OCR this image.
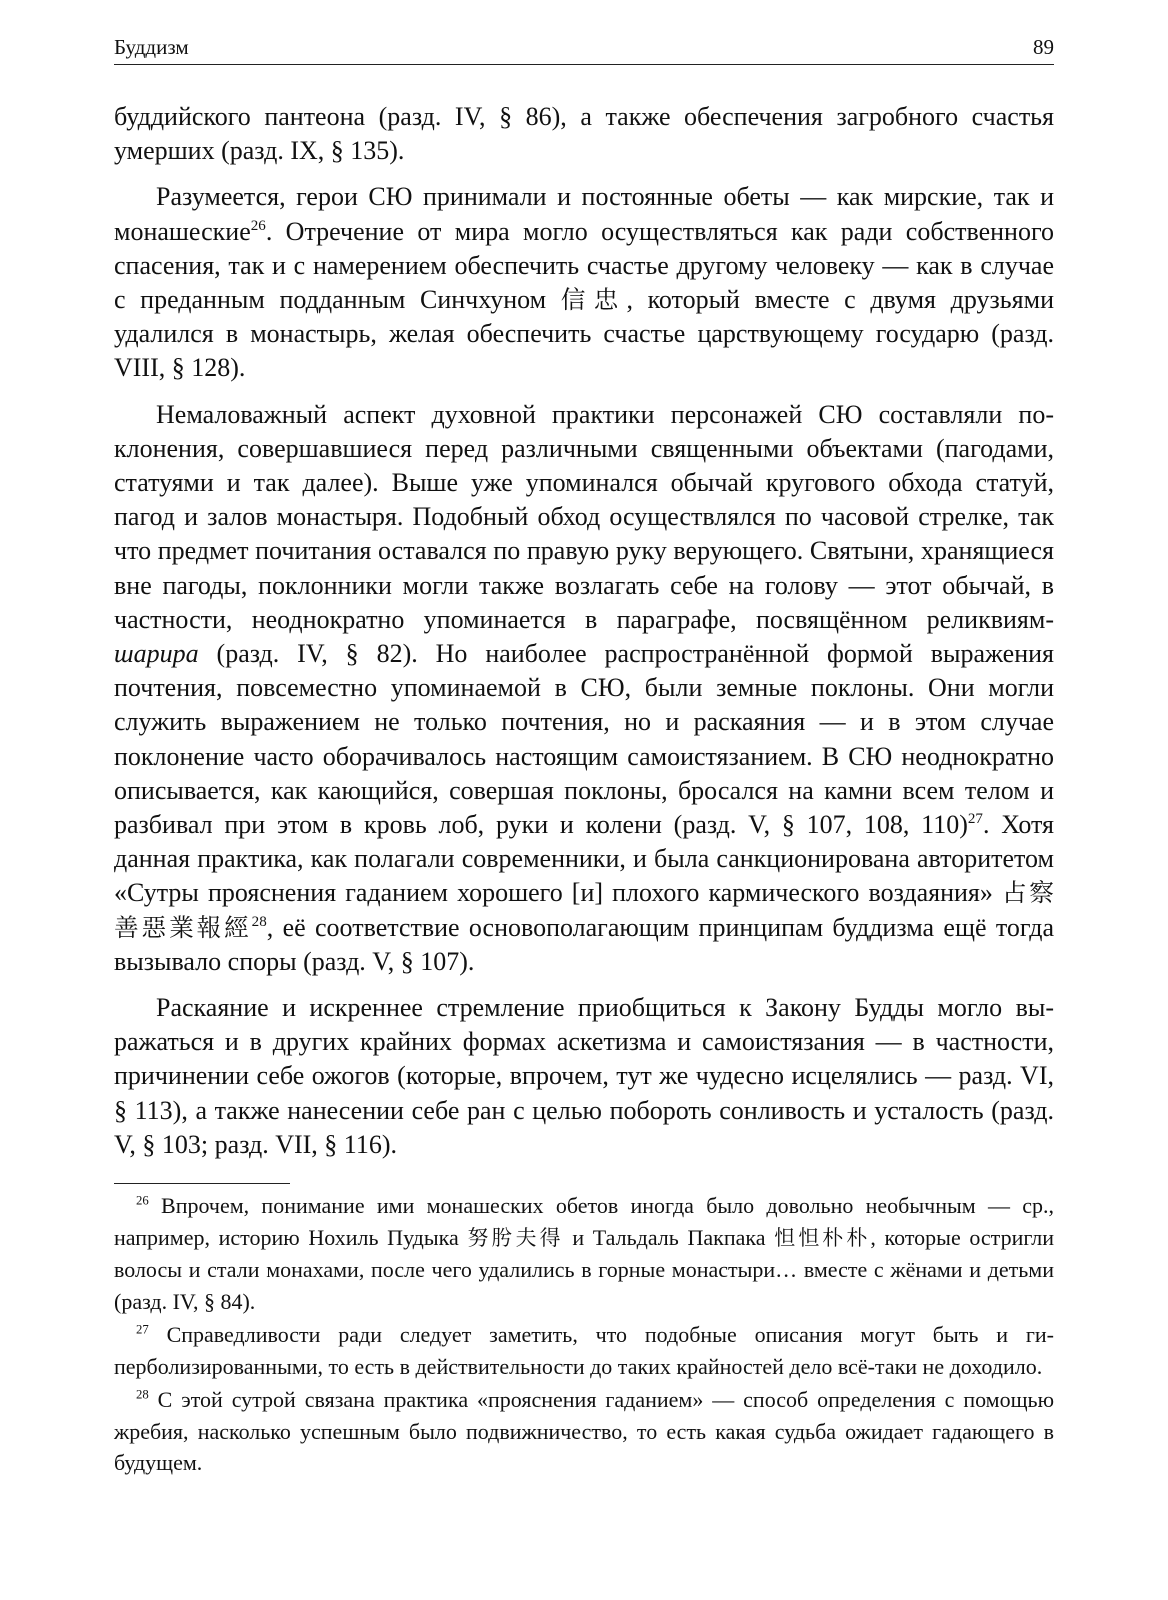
Буддизм	89

буддийского пантеона (разд. IV, § 86), а также обеспечения загробного счастья умерших (разд. IX, § 135).

Разумеется, герои СЮ принимали и постоянные обеты — как мирские, так и монашеские$^{26}$. Отречение от мира могло осуществляться как ради собственного спасения, так и с намерением обеспечить счастье другому человеку — как в случае с преданным подданным Синчхуном 信忠, который вместе с двумя друзьями удалился в монастырь, желая обеспечить счастье царствующему государю (разд. VIII, § 128).

Немаловажный аспект духовной практики персонажей СЮ составляли поклонения, совершавшиеся перед различными священными объектами (пагодами, статуями и так далее). Выше уже упоминался обычай кругового обхода статуй, пагод и залов монастыря. Подобный обход осуществлялся по часовой стрелке, так что предмет почитания оставался по правую руку верующего. Святыни, хранящиеся вне пагоды, поклонники могли также возлагать себе на голову — этот обычай, в частности, неоднократно упоминается в параграфе, посвящённом реликвиям-шарира (разд. IV, § 82). Но наиболее распространённой формой выражения почтения, повсеместно упоминаемой в СЮ, были земные поклоны. Они могли служить выражением не только почтения, но и раскаяния — и в этом случае поклонение часто оборачивалось настоящим самоистязанием. В СЮ неоднократно описывается, как кающийся, совершая поклоны, бросался на камни всем телом и разбивал при этом в кровь лоб, руки и колени (разд. V, § 107, 108, 110)$^{27}$. Хотя данная практика, как полагали современники, и была санкционирована авторитетом «Сутры прояснения гаданием хорошего [и] плохого кармического воздаяния» 占察善惡業報經$^{28}$, её соответствие основополагающим принципам буддизма ещё тогда вызывало споры (разд. V, § 107).

Раскаяние и искреннее стремление приобщиться к Закону Будды могло выражаться и в других крайних формах аскетизма и самоистязания — в частности, причинении себе ожогов (которые, впрочем, тут же чудесно исцелялись — разд. VI, § 113), а также нанесении себе ран с целью побороть сонливость и усталость (разд. V, § 103; разд. VII, § 116).

$^{26}$ Впрочем, понимание ими монашеских обетов иногда было довольно необычным — ср., например, историю Нохиль Пудыка 努肹夫得 и Тальдаль Пакпака 怛怛朴朴, которые остригли волосы и стали монахами, после чего удалились в горные монастыри… вместе с жёнами и детьми (разд. IV, § 84).

$^{27}$ Справедливости ради следует заметить, что подобные описания могут быть и гиперболизированными, то есть в действительности до таких крайностей дело всё-таки не доходило.

$^{28}$ С этой сутрой связана практика «прояснения гаданием» — способ определения с помощью жребия, насколько успешным было подвижничество, то есть какая судьба ожидает гадающего в будущем.
